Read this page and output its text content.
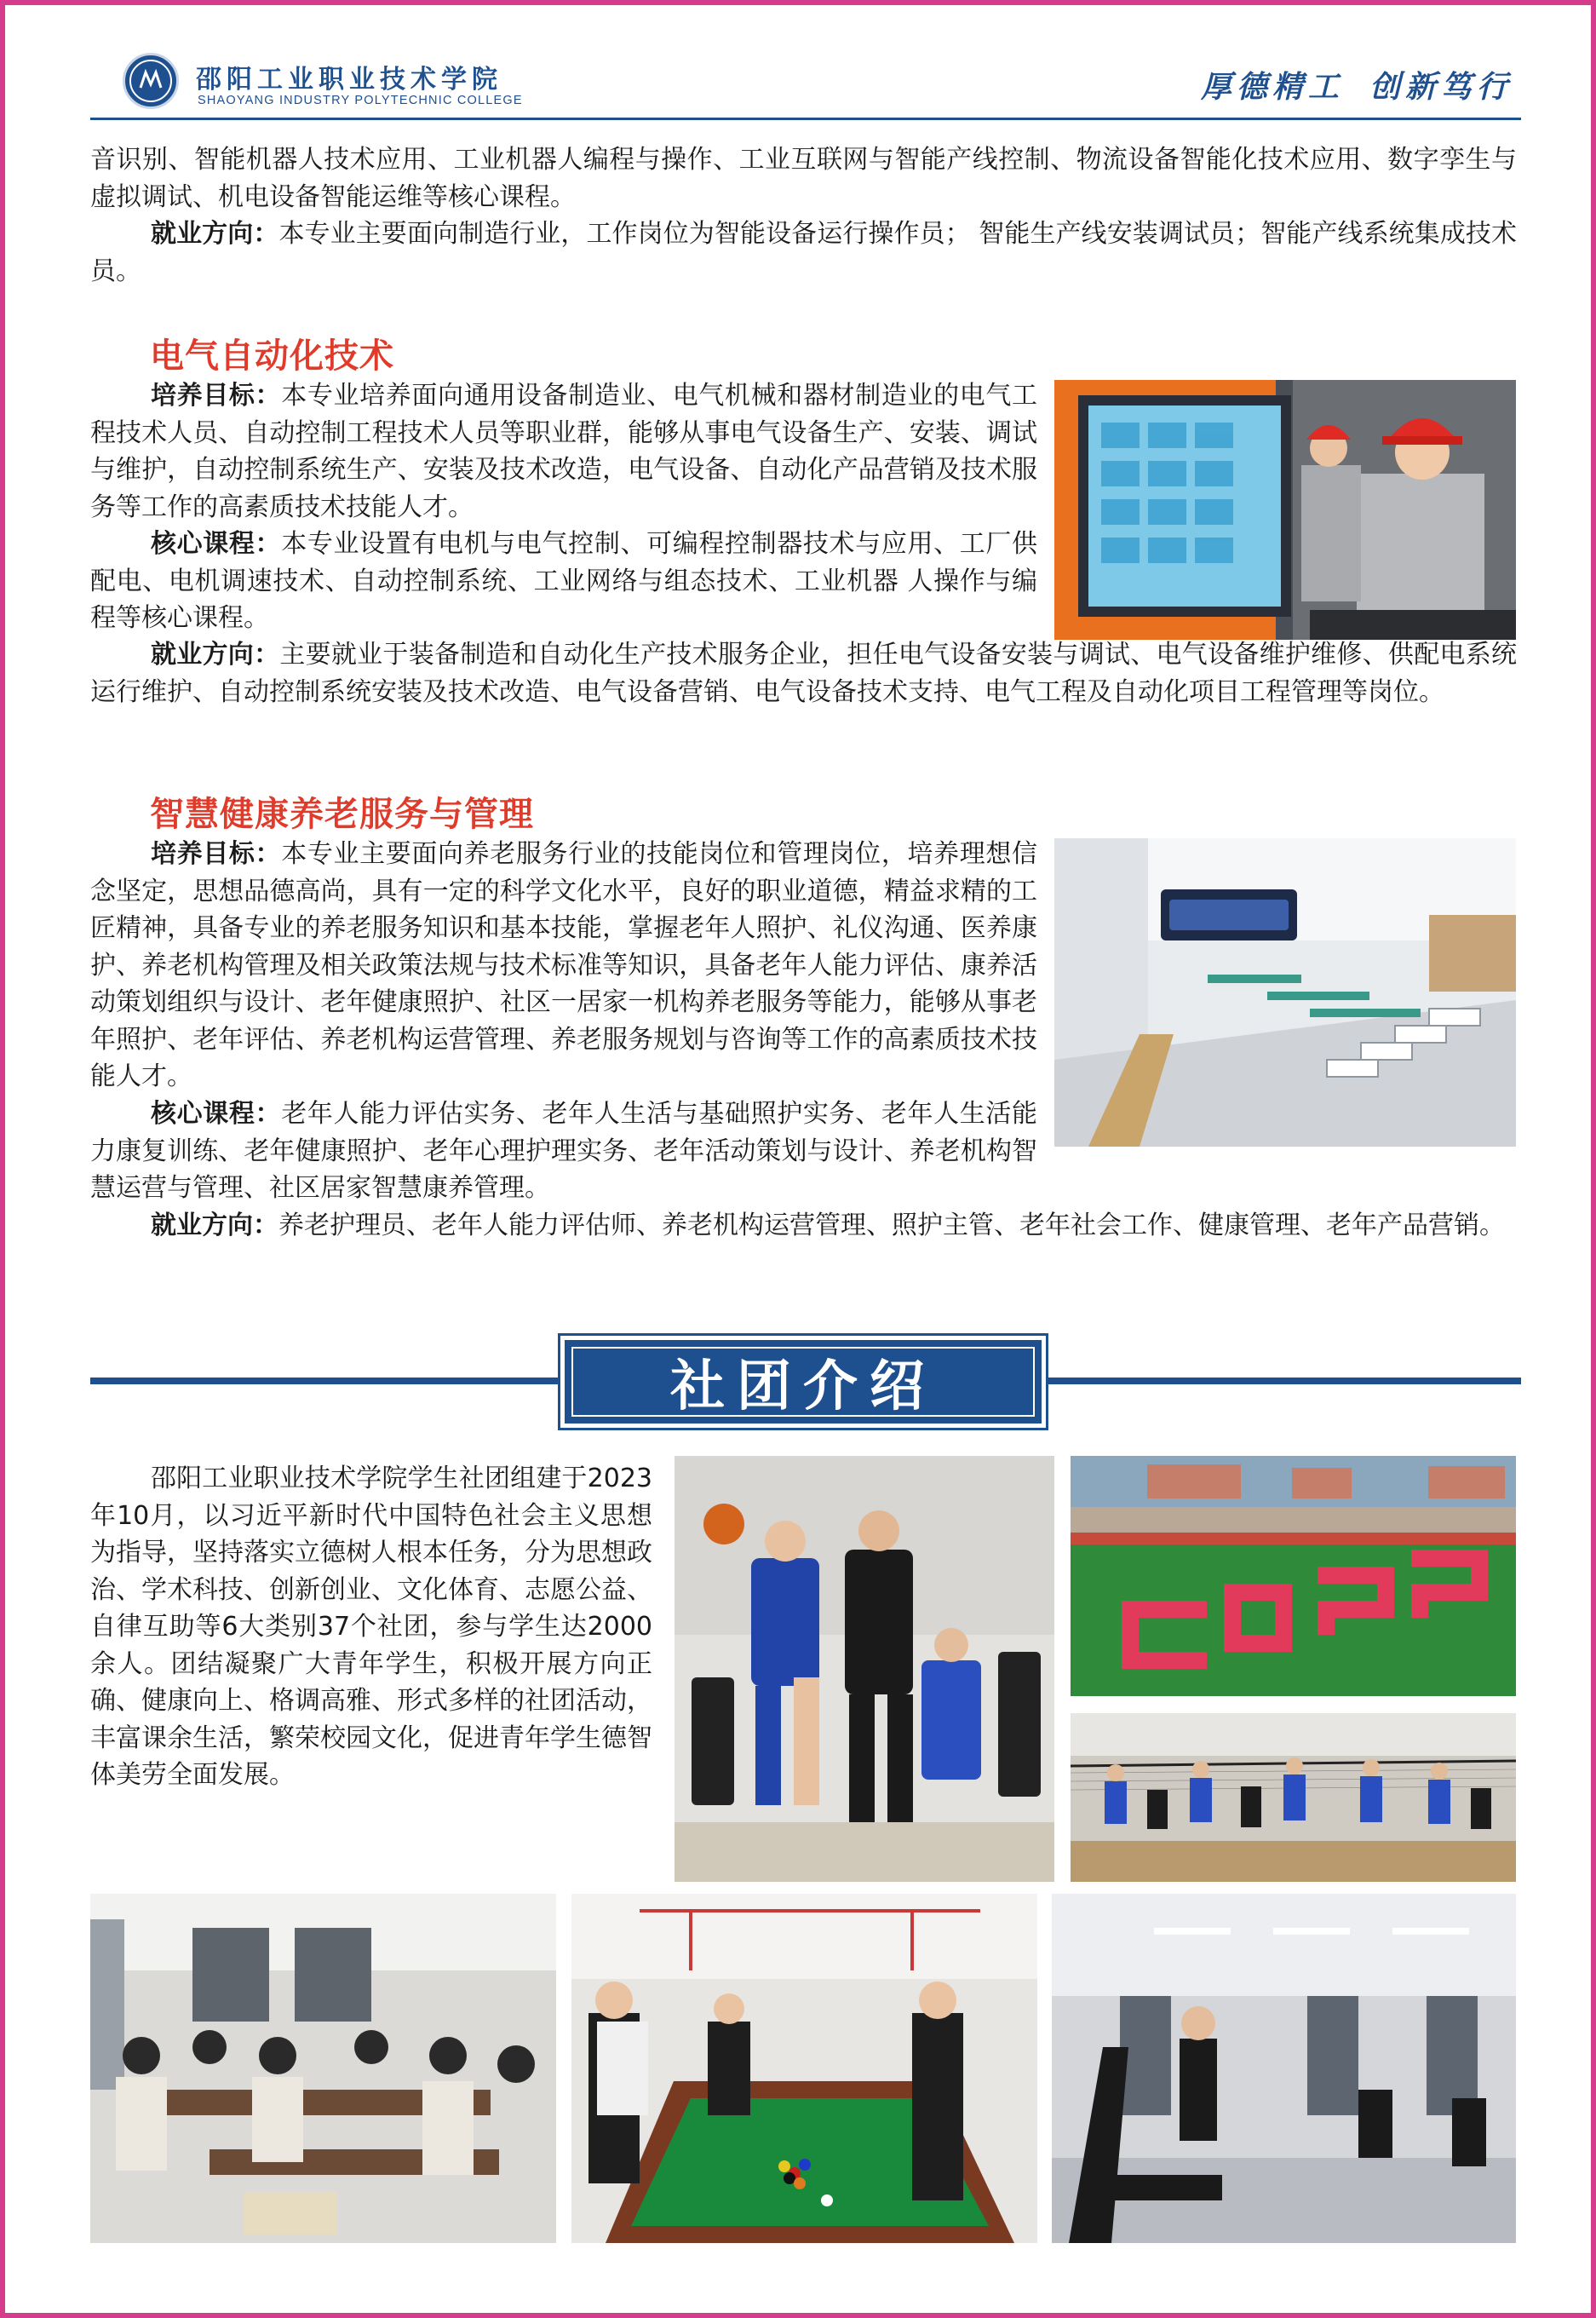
邵阳工业职业技术学院
SHAOYANG INDUSTRY POLYTECHNIC COLLEGE	厚德精工 创新笃行
音识别、智能机器人技术应用、工业机器人编程与操作、工业互联网与智能产线控制、物流设备智能化技术应用、数字孪生与虚拟调试、机电设备智能运维等核心课程。
就业方向：本专业主要面向制造行业，工作岗位为智能设备运行操作员； 智能生产线安装调试员；智能产线系统集成技术员。
电气自动化技术
培养目标：本专业培养面向通用设备制造业、电气机械和器材制造业的电气工程技术人员、自动控制工程技术人员等职业群，能够从事电气设备生产、安装、调试与维护，自动控制系统生产、安装及技术改造，电气设备、自动化产品营销及技术服务等工作的高素质技术技能人才。
核心课程：本专业设置有电机与电气控制、可编程控制器技术与应用、工厂供配电、电机调速技术、自动控制系统、工业网络与组态技术、工业机器 人操作与编程等核心课程。
就业方向：主要就业于装备制造和自动化生产技术服务企业，担任电气设备安装与调试、电气设备维护维修、供配电系统运行维护、自动控制系统安装及技术改造、电气设备营销、电气设备技术支持、电气工程及自动化项目工程管理等岗位。
智慧健康养老服务与管理
培养目标：本专业主要面向养老服务行业的技能岗位和管理岗位，培养理想信念坚定，思想品德高尚，具有一定的科学文化水平，良好的职业道德，精益求精的工匠精神，具备专业的养老服务知识和基本技能，掌握老年人照护、礼仪沟通、医养康护、养老机构管理及相关政策法规与技术标准等知识，具备老年人能力评估、康养活动策划组织与设计、老年健康照护、社区一居家一机构养老服务等能力，能够从事老年照护、老年评估、养老机构运营管理、养老服务规划与咨询等工作的高素质技术技能人才。
核心课程：老年人能力评估实务、老年人生活与基础照护实务、老年人生活能力康复训练、老年健康照护、老年心理护理实务、老年活动策划与设计、养老机构智慧运营与管理、社区居家智慧康养管理。
就业方向：养老护理员、老年人能力评估师、养老机构运营管理、照护主管、老年社会工作、健康管理、老年产品营销。
社团介绍
邵阳工业职业技术学院学生社团组建于2023年10月，以习近平新时代中国特色社会主义思想为指导，坚持落实立德树人根本任务，分为思想政治、学术科技、创新创业、文化体育、志愿公益、自律互助等6大类别37个社团，参与学生达2000余人。团结凝聚广大青年学生，积极开展方向正确、健康向上、格调高雅、形式多样的社团活动，丰富课余生活，繁荣校园文化，促进青年学生德智体美劳全面发展。
